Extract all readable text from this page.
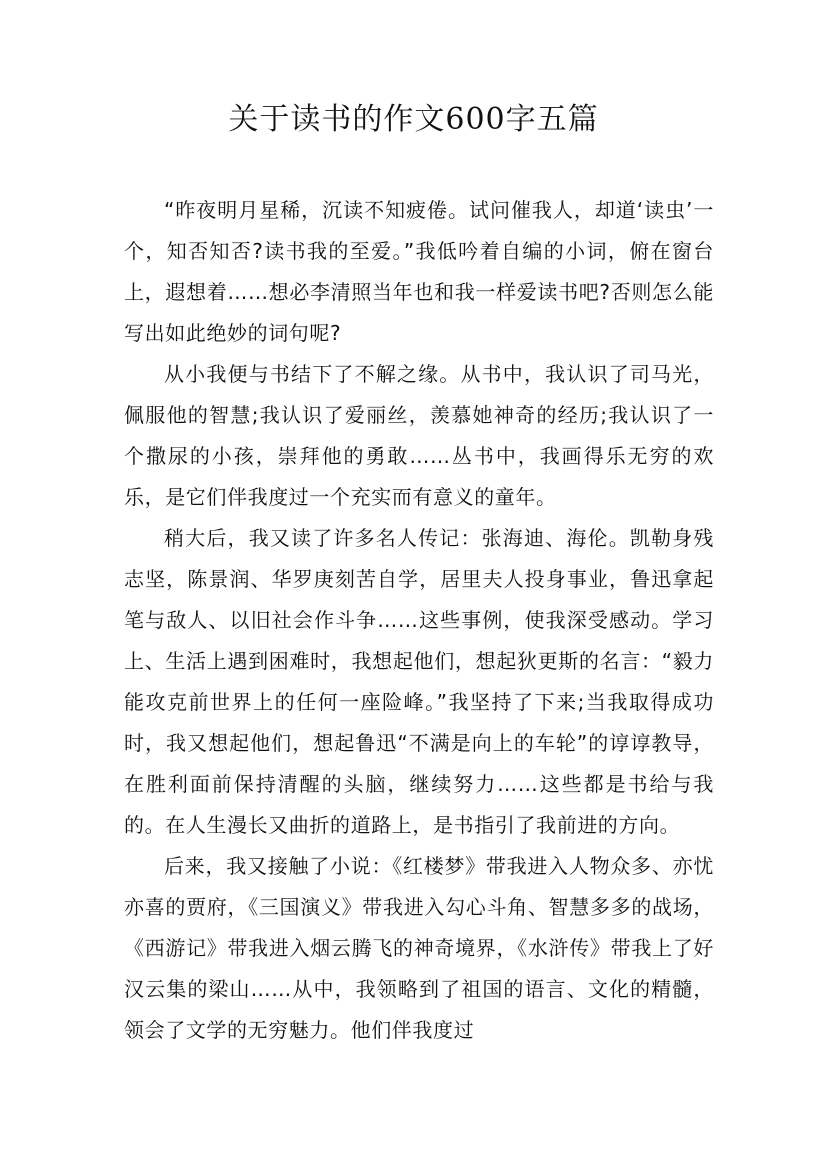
关于读书的作文600字五篇

“昨夜明月星稀，沉读不知疲倦。试问催我人，却道‘读虫’一个，知否知否?读书我的至爱。”我低吟着自编的小词，俯在窗台上，遐想着……想必李清照当年也和我一样爱读书吧?否则怎么能写出如此绝妙的词句呢?

从小我便与书结下了不解之缘。从书中，我认识了司马光，佩服他的智慧;我认识了爱丽丝，羡慕她神奇的经历;我认识了一个撒尿的小孩，崇拜他的勇敢……丛书中，我画得乐无穷的欢乐，是它们伴我度过一个充实而有意义的童年。

稍大后，我又读了许多名人传记：张海迪、海伦。凯勒身残志坚，陈景润、华罗庚刻苦自学，居里夫人投身事业，鲁迅拿起笔与敌人、以旧社会作斗争……这些事例，使我深受感动。学习上、生活上遇到困难时，我想起他们，想起狄更斯的名言：“毅力能攻克前世界上的任何一座险峰。”我坚持了下来;当我取得成功时，我又想起他们，想起鲁迅“不满是向上的车轮”的谆谆教导，在胜利面前保持清醒的头脑，继续努力……这些都是书给与我的。在人生漫长又曲折的道路上，是书指引了我前进的方向。

后来，我又接触了小说：《红楼梦》带我进入人物众多、亦忧亦喜的贾府，《三国演义》带我进入勾心斗角、智慧多多的战场，《西游记》带我进入烟云腾飞的神奇境界，《水浒传》带我上了好汉云集的梁山……从中，我领略到了祖国的语言、文化的精髓，领会了文学的无穷魅力。他们伴我度过
